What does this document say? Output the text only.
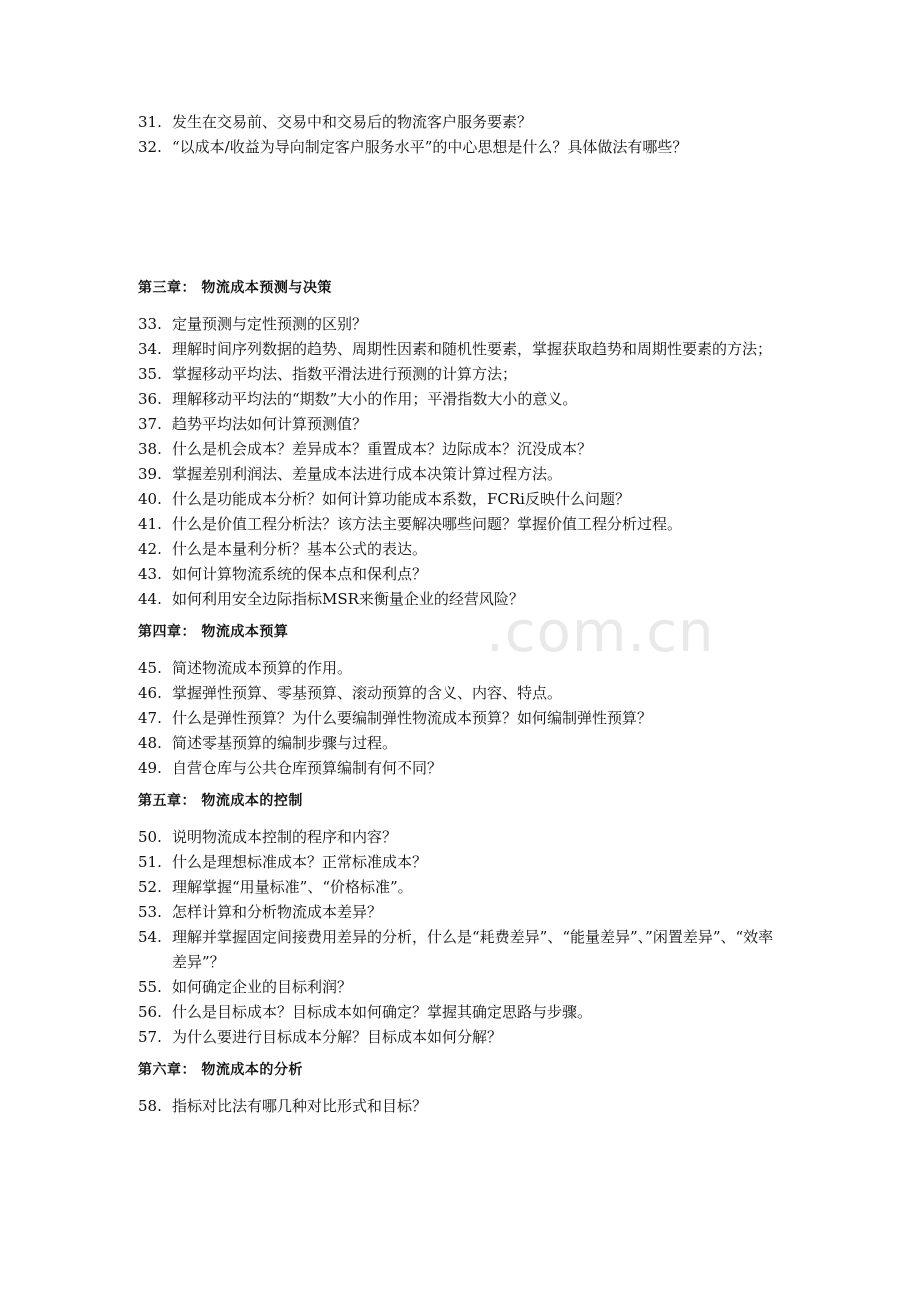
.com.cn
31. 发生在交易前、交易中和交易后的物流客户服务要素？
32. “以成本/收益为导向制定客户服务水平”的中心思想是什么？具体做法有哪些？
第三章： 物流成本预测与决策
33. 定量预测与定性预测的区别？
34. 理解时间序列数据的趋势、周期性因素和随机性要素，掌握获取趋势和周期性要素的方法；
35. 掌握移动平均法、指数平滑法进行预测的计算方法；
36. 理解移动平均法的“期数”大小的作用；平滑指数大小的意义。
37. 趋势平均法如何计算预测值？
38. 什么是机会成本？差异成本？重置成本？边际成本？沉没成本？
39. 掌握差别利润法、差量成本法进行成本决策计算过程方法。
40. 什么是功能成本分析？如何计算功能成本系数，FCRi反映什么问题？
41. 什么是价值工程分析法？该方法主要解决哪些问题？掌握价值工程分析过程。
42. 什么是本量利分析？基本公式的表达。
43. 如何计算物流系统的保本点和保利点？
44. 如何利用安全边际指标MSR来衡量企业的经营风险？
第四章： 物流成本预算
45. 简述物流成本预算的作用。
46. 掌握弹性预算、零基预算、滚动预算的含义、内容、特点。
47. 什么是弹性预算？为什么要编制弹性物流成本预算？如何编制弹性预算？
48. 简述零基预算的编制步骤与过程。
49. 自营仓库与公共仓库预算编制有何不同？
第五章： 物流成本的控制
50. 说明物流成本控制的程序和内容？
51. 什么是理想标准成本？正常标准成本？
52. 理解掌握“用量标准”、“价格标准”。
53. 怎样计算和分析物流成本差异？
54. 理解并掌握固定间接费用差异的分析，什么是“耗费差异”、“能量差异”、”闲置差异”、“效率差异”？
55. 如何确定企业的目标利润？
56. 什么是目标成本？目标成本如何确定？掌握其确定思路与步骤。
57. 为什么要进行目标成本分解？目标成本如何分解？
第六章： 物流成本的分析
58. 指标对比法有哪几种对比形式和目标？
